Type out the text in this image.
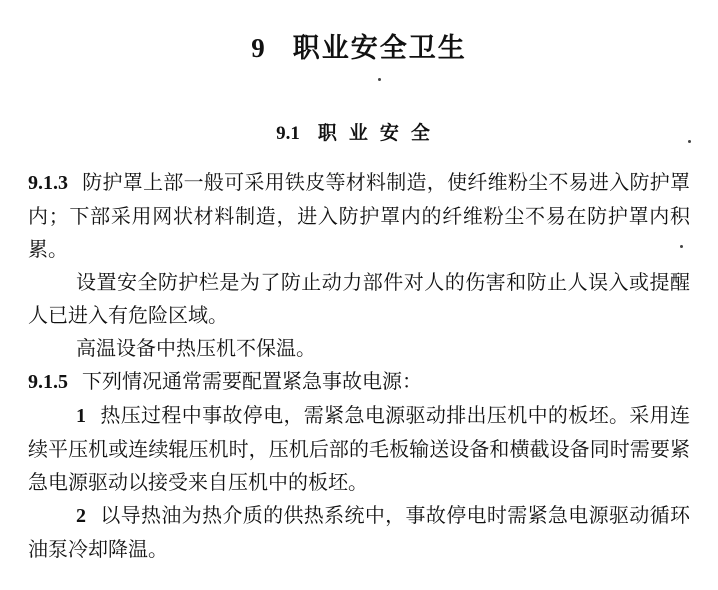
9 职业安全卫生
9.1 职业安全

9.1.3 防护罩上部一般可采用铁皮等材料制造，使纤维粉尘不易进入防护罩内；下部采用网状材料制造，进入防护罩内的纤维粉尘不易在防护罩内积累。

设置安全防护栏是为了防止动力部件对人的伤害和防止人误入或提醒人已进入有危险区域。

高温设备中热压机不保温。

9.1.5 下列情况通常需要配置紧急事故电源：

1 热压过程中事故停电，需紧急电源驱动排出压机中的板坯。采用连续平压机或连续辊压机时，压机后部的毛板输送设备和横截设备同时需要紧急电源驱动以接受来自压机中的板坯。

2 以导热油为热介质的供热系统中，事故停电时需紧急电源驱动循环油泵冷却降温。
